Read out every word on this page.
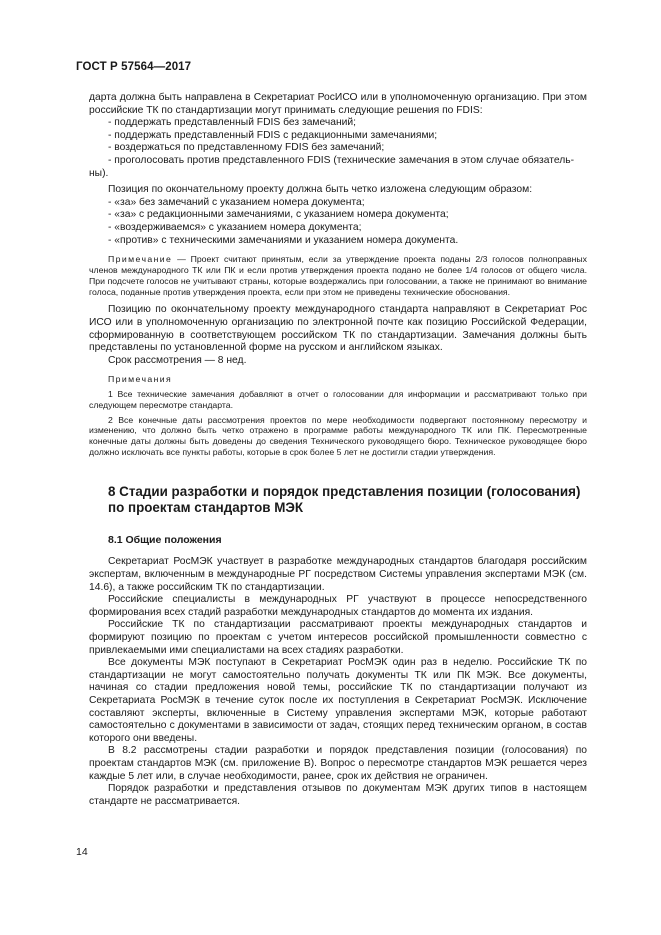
ГОСТ Р 57564—2017

дарта должна быть направлена в Секретариат РосИСО или в уполномоченную организацию. При этом российские ТК по стандартизации могут принимать следующие решения по FDIS:

- поддержать представленный FDIS без замечаний;

- поддержать представленный FDIS с редакционными замечаниями;

- воздержаться по представленному FDIS без замечаний;

- проголосовать против представленного FDIS (технические замечания в этом случае обязатель-

ны).

Позиция по окончательному проекту должна быть четко изложена следующим образом:

- «за» без замечаний с указанием номера документа;

- «за» с редакционными замечаниями, с указанием номера документа;

- «воздерживаемся» с указанием номера документа;

- «против» с техническими замечаниями и указанием номера документа.

Примечание — Проект считают принятым, если за утверждение проекта поданы 2/3 голосов полноправных членов международного ТК или ПК и если против утверждения проекта подано не более 1/4 голосов от общего числа. При подсчете голосов не учитывают страны, которые воздержались при голосовании, а также не принимают во внимание голоса, поданные против утверждения проекта, если при этом не приведены технические обоснования.

Позицию по окончательному проекту международного стандарта направляют в Секретариат Рос ИСО или в уполномоченную организацию по электронной почте как позицию Российской Федерации, сформированную в соответствующем российском ТК по стандартизации. Замечания должны быть представлены по установленной форме на русском и английском языках.

Срок рассмотрения — 8 нед.

Примечания

1 Все технические замечания добавляют в отчет о голосовании для информации и рассматривают только при следующем пересмотре стандарта.

2 Все конечные даты рассмотрения проектов по мере необходимости подвергают постоянному пересмотру и изменению, что должно быть четко отражено в программе работы международного ТК или ПК. Пересмотренные конечные даты должны быть доведены до сведения Технического руководящего бюро. Техническое руководящее бюро должно исключать все пункты работы, которые в срок более 5 лет не достигли стадии утверждения.

8 Стадии разработки и порядок представления позиции (голосования)
по проектам стандартов МЭК
8.1 Общие положения

Секретариат РосМЭК участвует в разработке международных стандартов благодаря российским экспертам, включенным в международные РГ посредством Системы управления экспертами МЭК (см. 14.6), а также российским ТК по стандартизации.

Российские специалисты в международных РГ участвуют в процессе непосредственного формирования всех стадий разработки международных стандартов до момента их издания.

Российские ТК по стандартизации рассматривают проекты международных стандартов и формируют позицию по проектам с учетом интересов российской промышленности совместно с привлекаемыми ими специалистами на всех стадиях разработки.

Все документы МЭК поступают в Секретариат РосМЭК один раз в неделю. Российские ТК по стандартизации не могут самостоятельно получать документы ТК или ПК МЭК. Все документы, начиная со стадии предложения новой темы, российские ТК по стандартизации получают из Секретариата РосМЭК в течение суток после их поступления в Секретариат РосМЭК. Исключение составляют эксперты, включенные в Систему управления экспертами МЭК, которые работают самостоятельно с документами в зависимости от задач, стоящих перед техническим органом, в состав которого они введены.

В 8.2 рассмотрены стадии разработки и порядок представления позиции (голосования) по проектам стандартов МЭК (см. приложение В). Вопрос о пересмотре стандартов МЭК решается через каждые 5 лет или, в случае необходимости, ранее, срок их действия не ограничен.

Порядок разработки и представления отзывов по документам МЭК других типов в настоящем стандарте не рассматривается.

14
